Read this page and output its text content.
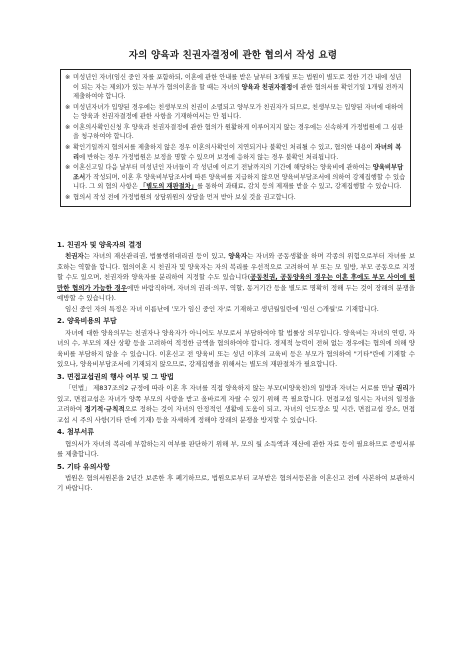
자의 양육과 친권자결정에 관한 협의서 작성 요령

※ 미성년인 자녀(임신 중인 자를 포함하되, 이혼에 관한 안내를 받은 날부터 3개월 또는 법원이 별도로 정한 기간 내에 성년이 되는 자는 제외)가 있는 부부가 협의이혼을 할 때는 자녀의 양육과 친권자결정에 관한 협의서를 확인기일 1개월 전까지 제출하여야 합니다.

※ 미성년자녀가 입양된 경우에는 친생부모의 친권이 소멸되고 양부모가 친권자가 되므로, 친생부모는 입양된 자녀에 대하여는 양육과 친권자결정에 관한 사항을 기재하여서는 안 됩니다.

※ 이혼의사확인신청 후 양육과 친권자결정에 관한 협의가 원활하게 이루어지지 않는 경우에는 신속하게 가정법원에 그 심판을 청구하여야 합니다.

※ 확인기일까지 협의서를 제출하지 않은 경우 이혼의사확인이 지연되거나 불확인 처리될 수 있고, 협의한 내용이 자녀의 복리에 반하는 경우 가정법원은 보정을 명할 수 있으며 보정에 응하지 않는 경우 불확인 처리됩니다.

※ 이혼신고일 다음 날부터 미성년인 자녀들이 각 성년에 이르기 전날까지의 기간에 해당하는 양육비에 관하여는 양육비부담조서가 작성되며, 이혼 후 양육비부담조서에 따른 양육비를 지급하지 않으면 양육비부담조서에 의하여 강제집행할 수 있습니다. 그 외 협의 사항은 「별도의 재판절차」를 통하여 과태료, 감치 등의 제재를 받을 수 있고, 강제집행할 수 있습니다.

※ 협의서 작성 전에 가정법원의 상담위원의 상담을 먼저 받아 보실 것을 권고합니다.

1. 친권자 및 양육자의 결정

친권자는 자녀의 재산관리권, 법률행위대리권 등이 있고, 양육자는 자녀와 공동생활을 하며 각종의 위험으로부터 자녀를 보호하는 역할을 합니다. 협의이혼 시 친권자 및 양육자는 자의 복리를 우선적으로 고려하여 부 또는 모 일방, 부모 공동으로 지정할 수도 있으며, 친권자와 양육자를 분리하여 지정할 수도 있습니다(공동친권, 공동양육의 경우는 이혼 후에도 부모 사이에 원만한 협의가 가능한 경우에만 바람직하며, 자녀의 권리·의무, 역할, 동거기간 등을 별도로 명확히 정해 두는 것이 장래의 분쟁을 예방할 수 있습니다).

임신 중인 자의 특정은 자녀 이름난에 '모가 임신 중인 자'로 기재하고 생년월일란에 '임신 ○개월'로 기재합니다.

2. 양육비용의 부담

자녀에 대한 양육의무는 친권자나 양육자가 아니어도 부모로서 부담하여야 할 법률상 의무입니다. 양육비는 자녀의 연령, 자녀의 수, 부모의 재산 상황 등을 고려하여 적정한 금액을 협의하여야 합니다. 경제적 능력이 전혀 없는 경우에는 협의에 의해 양육비를 부담하지 않을 수 있습니다. 이혼신고 전 양육비 또는 성년 이후의 교육비 등은 부모가 협의하여 "기타"란에 기재할 수 있으나, 양육비부담조서에 기재되지 않으므로, 강제집행을 위해서는 별도의 재판절차가 필요합니다.

3. 면접교섭권의 행사 여부 및 그 방법

「민법」 제837조의2 규정에 따라 이혼 후 자녀를 직접 양육하지 않는 부모(비양육친)의 일방과 자녀는 서로를 만날 권리가 있고, 면접교섭은 자녀가 양쪽 부모의 사랑을 받고 올바르게 자랄 수 있기 위해 꼭 필요합니다. 면접교섭 일시는 자녀의 일정을 고려하여 정기적·규칙적으로 정하는 것이 자녀의 안정적인 생활에 도움이 되고, 자녀의 인도장소 및 시간, 면접교섭 장소, 면접교섭 시 주의 사항(기타 란에 기재) 등을 자세하게 정해야 장래의 분쟁을 방지할 수 있습니다.

4. 첨부서류

협의서가 자녀의 복리에 부합하는지 여부를 판단하기 위해 부, 모의 월 소득액과 재산에 관한 자료 등이 필요하므로 증빙서류를 제출합니다.

5. 기타 유의사항

법원은 협의서원본을 2년간 보존한 후 폐기하므로, 법원으로부터 교부받은 협의서등본을 이혼신고 전에 사본하여 보관하시기 바랍니다.
